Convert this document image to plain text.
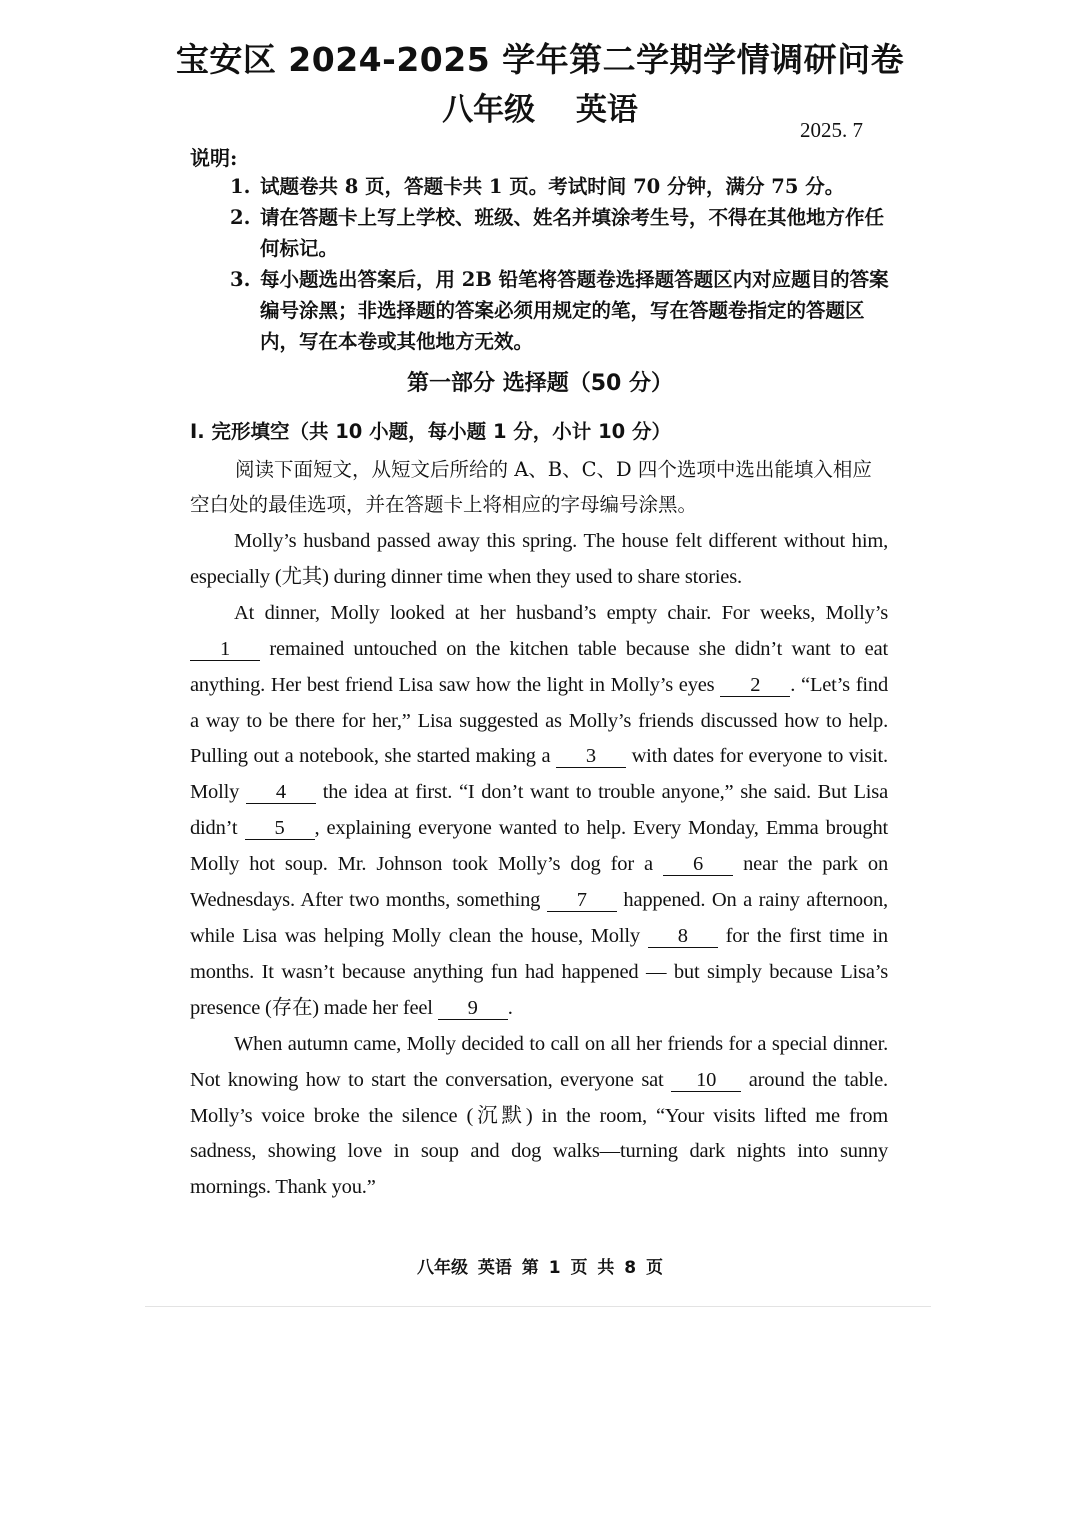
宝安区 2024-2025 学年第二学期学情调研问卷
八年级 英语
2025. 7
说明:
1. 试题卷共 8 页，答题卡共 1 页。考试时间 70 分钟，满分 75 分。
2. 请在答题卡上写上学校、班级、姓名并填涂考生号，不得在其他地方作任何标记。
3. 每小题选出答案后，用 2B 铅笔将答题卷选择题答题区内对应题目的答案编号涂黑；非选择题的答案必须用规定的笔，写在答题卷指定的答题区内，写在本卷或其他地方无效。
第一部分 选择题（50 分）
I. 完形填空（共 10 小题，每小题 1 分，小计 10 分）
阅读下面短文，从短文后所给的 A、B、C、D 四个选项中选出能填入相应空白处的最佳选项，并在答题卡上将相应的字母编号涂黑。

Molly’s husband passed away this spring. The house felt different without him, especially (尤其) during dinner time when they used to share stories.

At dinner, Molly looked at her husband’s empty chair. For weeks, Molly’s 1 remained untouched on the kitchen table because she didn’t want to eat anything. Her best friend Lisa saw how the light in Molly’s eyes 2 . “Let’s find a way to be there for her,” Lisa suggested as Molly’s friends discussed how to help. Pulling out a notebook, she started making a 3 with dates for everyone to visit. Molly 4 the idea at first. “I don’t want to trouble anyone,” she said. But Lisa didn’t 5 , explaining everyone wanted to help. Every Monday, Emma brought Molly hot soup. Mr. Johnson took Molly’s dog for a 6 near the park on Wednesdays. After two months, something 7 happened. On a rainy afternoon, while Lisa was helping Molly clean the house, Molly 8 for the first time in months. It wasn’t because anything fun had happened — but simply because Lisa’s presence (存在) made her feel 9 .

When autumn came, Molly decided to call on all her friends for a special dinner. Not knowing how to start the conversation, everyone sat 10 around the table. Molly’s voice broke the silence (沉默) in the room, “Your visits lifted me from sadness, showing love in soup and dog walks—turning dark nights into sunny mornings. Thank you.”

八年级 英语 第 1 页 共 8 页
